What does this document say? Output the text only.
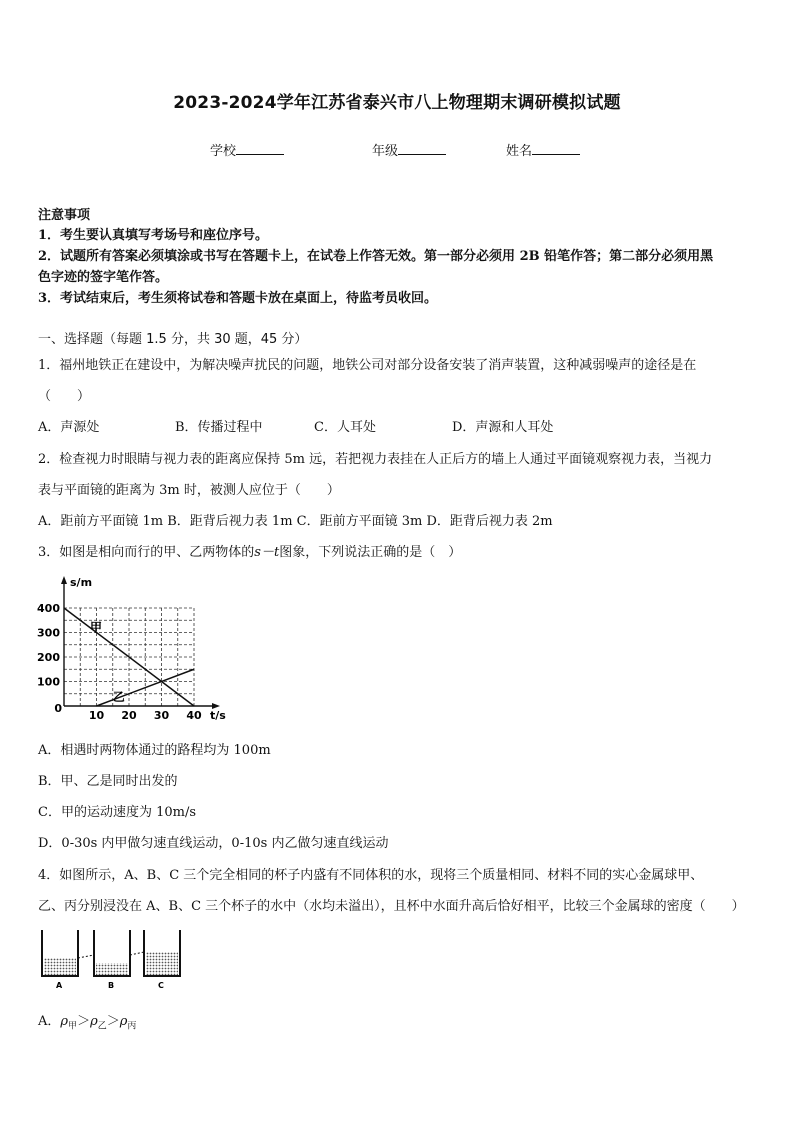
2023-2024学年江苏省泰兴市八上物理期末调研模拟试题
学校	年级	姓名
注意事项
1．考生要认真填写考场号和座位序号。
2．试题所有答案必须填涂或书写在答题卡上，在试卷上作答无效。第一部分必须用 2B 铅笔作答；第二部分必须用黑
色字迹的签字笔作答。
3．考试结束后，考生须将试卷和答题卡放在桌面上，待监考员收回。
一、选择题（每题 1.5 分，共 30 题，45 分）
1．福州地铁正在建设中，为解决噪声扰民的问题，地铁公司对部分设备安装了消声装置，这种减弱噪声的途径是在
（　　）
A．声源处	B．传播过程中	C．人耳处	D．声源和人耳处
2．检查视力时眼睛与视力表的距离应保持 5m 远，若把视力表挂在人正后方的墙上人通过平面镜观察视力表，当视力
表与平面镜的距离为 3m 时，被测人应位于（　　）
A．距前方平面镜 1m B．距背后视力表 1m C．距前方平面镜 3m D．距背后视力表 2m
3．如图是相向而行的甲、乙两物体的s－t图象，下列说法正确的是（　）
10 20 30 40
100
200
300
400
0
s/m
t/s
甲
乙
A．相遇时两物体通过的路程均为 100m
B．甲、乙是同时出发的
C．甲的运动速度为 10m/s
D．0-30s 内甲做匀速直线运动，0-10s 内乙做匀速直线运动
4．如图所示，A、B、C 三个完全相同的杯子内盛有不同体积的水，现将三个质量相同、材料不同的实心金属球甲、
乙、丙分别浸没在 A、B、C 三个杯子的水中（水均未溢出），且杯中水面升高后恰好相平，比较三个金属球的密度（　　）
A	B	C
A．$\rho_甲>\rho_乙>\rho_丙$
